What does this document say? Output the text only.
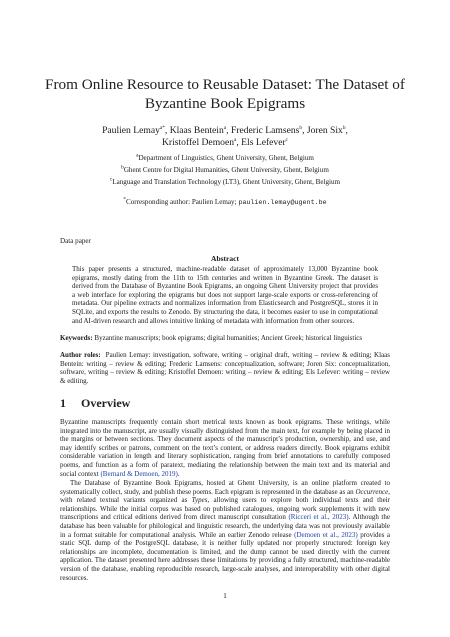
From Online Resource to Reusable Dataset: The Dataset of Byzantine Book Epigrams
Paulien Lemay$^{a*}$, Klaas Bentein$^a$, Frederic Lamsens$^b$, Joren Six$^b$,
Kristoffel Demoen$^a$, Els Lefever$^c$
$^a$Department of Linguistics, Ghent University, Ghent, Belgium
$^b$Ghent Centre for Digital Humanities, Ghent University, Ghent, Belgium
$^c$Language and Translation Technology (LT3), Ghent University, Ghent, Belgium
*Corresponding author: Paulien Lemay; paulien.lemay@ugent.be
Data paper
Abstract
This paper presents a structured, machine-readable dataset of approximately 13,000 Byzantine book epigrams, mostly dating from the 11th to 15th centuries and written in Byzantine Greek. The dataset is derived from the Database of Byzantine Book Epigrams, an ongoing Ghent University project that provides a web interface for exploring the epigrams but does not support large-scale exports or cross-referencing of metadata. Our pipeline extracts and normalizes information from Elasticsearch and PostgreSQL, stores it in SQLite, and exports the results to Zenodo. By structuring the data, it becomes easier to use in computational and AI-driven research and allows intuitive linking of metadata with information from other sources.
Keywords: Byzantine manuscripts; book epigrams; digital humanities; Ancient Greek; historical linguistics
Author roles: Paulien Lemay: investigation, software, writing – original draft, writing – review & editing; Klaas Bentein: writing – review & editing; Frederic Lamsens: conceptualization, software; Joren Six: conceptualization, software, writing – review & editing; Kristoffel Demoen: writing – review & editing; Els Lefever: writing – review & editing.
1 Overview

Byzantine manuscripts frequently contain short metrical texts known as book epigrams. These writings, while integrated into the manuscript, are usually visually distinguished from the main text, for example by being placed in the margins or between sections. They document aspects of the manuscript’s production, ownership, and use, and may identify scribes or patrons, comment on the text’s content, or address readers directly. Book epigrams exhibit considerable variation in length and literary sophistication, ranging from brief annotations to carefully composed poems, and function as a form of paratext, mediating the relationship between the main text and its material and social context (Bernard & Demoen, 2019).

The Database of Byzantine Book Epigrams, hosted at Ghent University, is an online platform created to systematically collect, study, and publish these poems. Each epigram is represented in the database as an Occurrence, with related textual variants organized as Types, allowing users to explore both individual texts and their relationships. While the initial corpus was based on published catalogues, ongoing work supplements it with new transcriptions and critical editions derived from direct manuscript consultation (Ricceri et al., 2023). Although the database has been valuable for philological and linguistic research, the underlying data was not previously available in a format suitable for computational analysis. While an earlier Zenodo release (Demoen et al., 2023) provides a static SQL dump of the PostgreSQL database, it is neither fully updated nor properly structured: foreign key relationships are incomplete, documentation is limited, and the dump cannot be used directly with the current application. The dataset presented here addresses these limitations by providing a fully structured, machine-readable version of the database, enabling reproducible research, large-scale analyses, and interoperability with other digital resources.

1
